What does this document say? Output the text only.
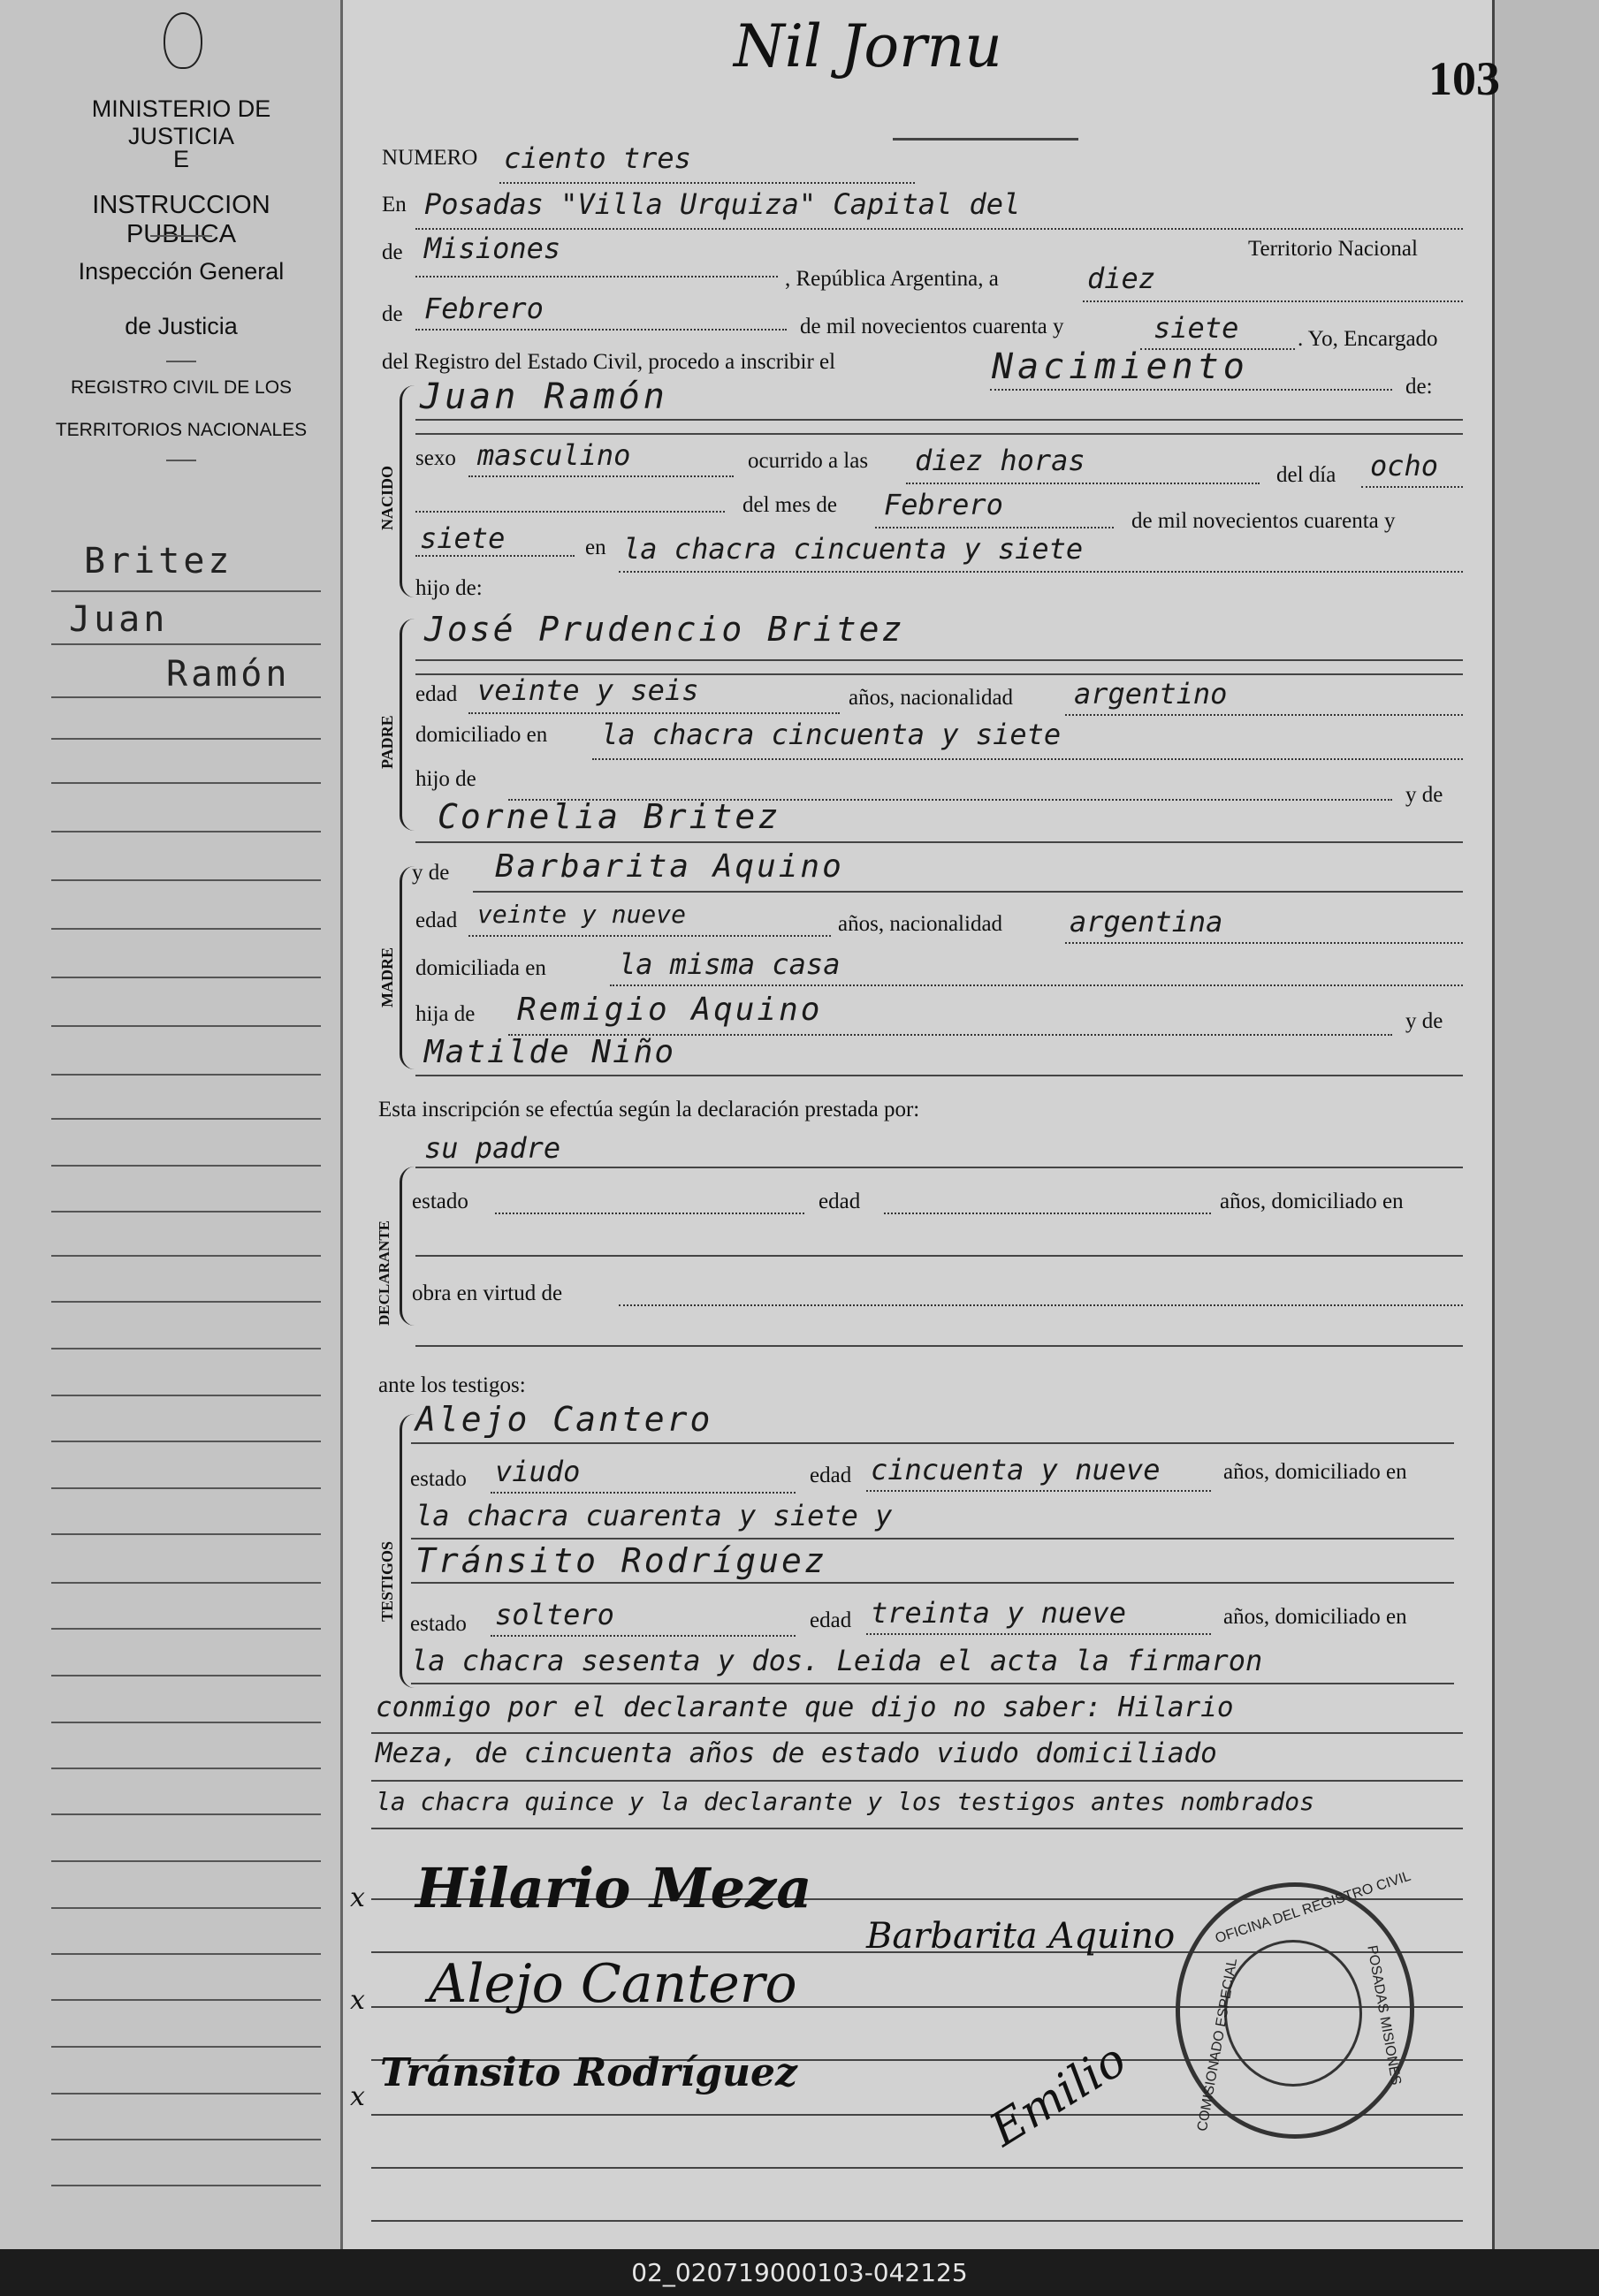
MINISTERIO DE JUSTICIA
E
INSTRUCCION PUBLICA
Inspección General
de Justicia
REGISTRO CIVIL DE LOS
TERRITORIOS NACIONALES
Britez
Juan
Ramón
Nil Jornu	103
NUMERO ciento tres
En Posadas "Villa Urquiza" Capital del
de Misiones	Territorio Nacional
, República Argentina, a	diez
de Febrero
de mil novecientos cuarenta y	siete	. Yo, Encargado
del Registro del Estado Civil, procedo a inscribir el	Nacimiento	de:
NACIDO
Juan Ramón
sexo masculino	ocurrido a las diez horas	del día ocho
del mes de Febrero	de mil novecientos cuarenta y
siete	en la chacra cincuenta y siete
hijo de:
PADRE
José Prudencio Britez
edad veinte y seis	años, nacionalidad argentino
domiciliado en la chacra cincuenta y siete
hijo de
y de
Cornelia Britez
MADRE
y de Barbarita Aquino
edad veinte y nueve	años, nacionalidad argentina
domiciliada en	la misma casa
hija de Remigio Aquino	y de
Matilde Niño
Esta inscripción se efectúa según la declaración prestada por:
su padre
DECLARANTE
estado	edad	años, domiciliado en
obra en virtud de
ante los testigos:
TESTIGOS
Alejo Cantero
estado viudo	edad cincuenta y nueve	años, domiciliado en
la chacra cuarenta y siete y
Tránsito Rodríguez
estado soltero	edad treinta y nueve	años, domiciliado en
la chacra sesenta y dos. Leida el acta la firmaron
conmigo por el declarante que dijo no saber: Hilario
Meza, de cincuenta años de estado viudo domiciliado
la chacra quince y la declarante y los testigos antes nombrados
x Hilario Meza
Barbarita Aquino
x Alejo Cantero
x
Tránsito Rodríguez	Emilio
OFICINA DEL REGISTRO CIVIL
COMISIONADO ESPECIAL	POSADAS MISIONES
02_020719000103-042125
